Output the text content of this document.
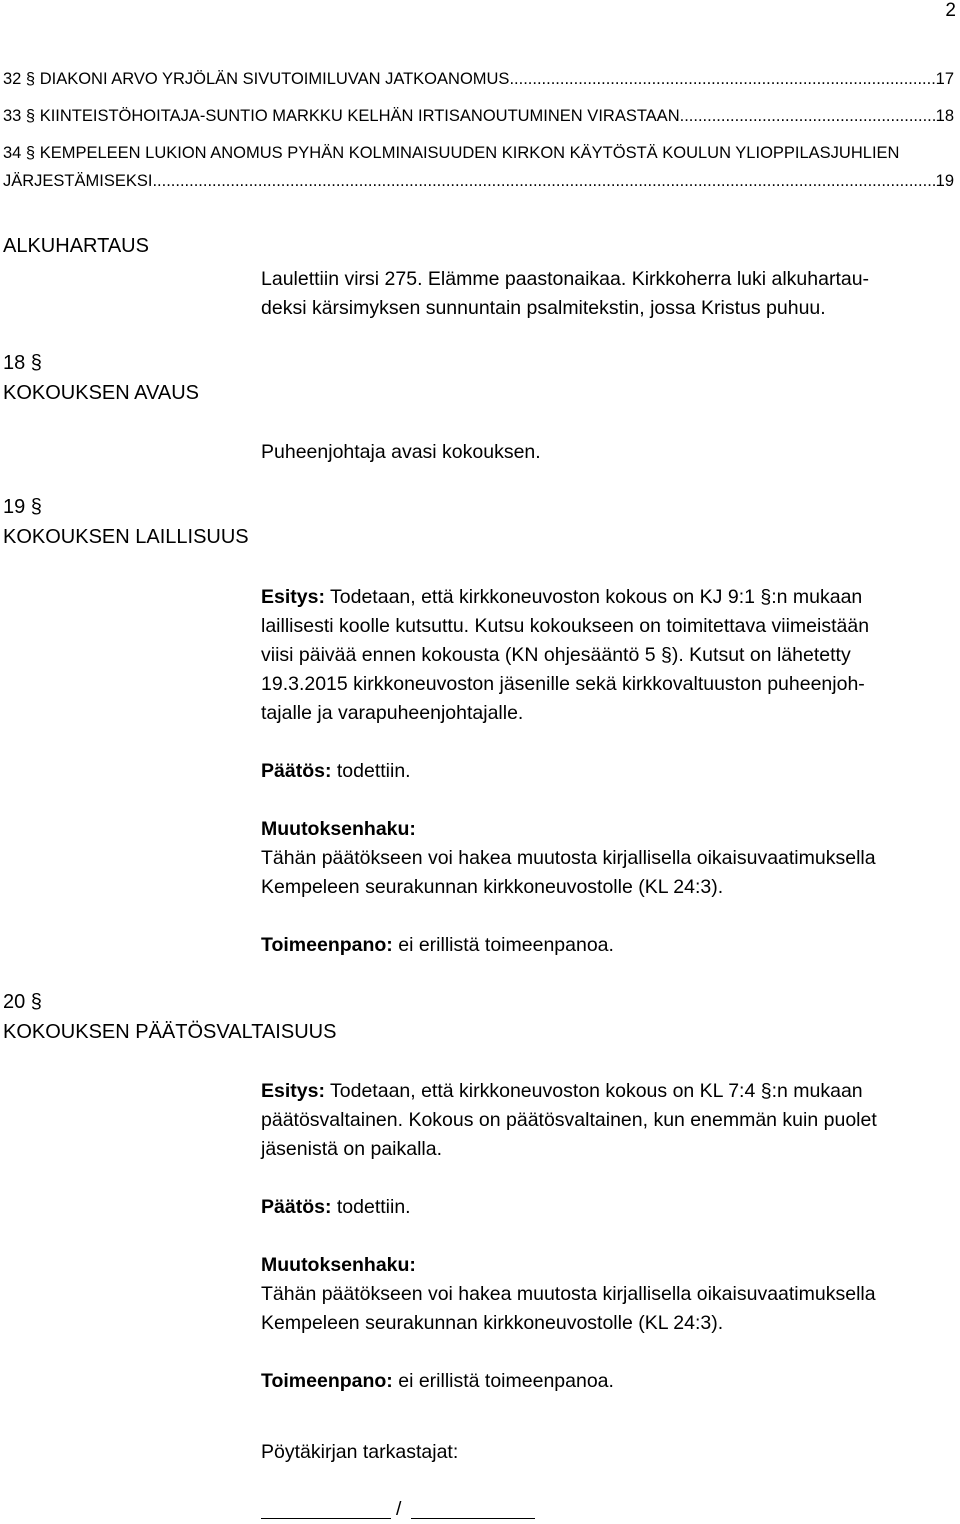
2
32 § DIAKONI ARVO YRJÖLÄN SIVUTOIMILUVAN JATKOANOMUS .....	17
33 § KIINTEISTÖHOITAJA-SUNTIO MARKKU KELHÄN IRTISANOUTUMINEN VIRASTAAN. .....	18
34 § KEMPELEEN LUKION ANOMUS PYHÄN KOLMINAISUUDEN KIRKON KÄYTÖSTÄ KOULUN YLIOPPILASJUHLIEN
JÄRJESTÄMISEKSI .....	19
ALKUHARTAUS
Laulettiin virsi 275. Elämme paastonaikaa. Kirkkoherra luki alkuhartau-
deksi kärsimyksen sunnuntain psalmitekstin, jossa Kristus puhuu.
18 §
KOKOUKSEN AVAUS
Puheenjohtaja avasi kokouksen.
19 §
KOKOUKSEN LAILLISUUS
Esitys: Todetaan, että kirkkoneuvoston kokous on KJ 9:1 §:n mukaan
laillisesti koolle kutsuttu. Kutsu kokoukseen on toimitettava viimeistään
viisi päivää ennen kokousta (KN ohjesääntö 5 §). Kutsut on lähetetty
19.3.2015 kirkkoneuvoston jäsenille sekä kirkkovaltuuston puheenjoh-
tajalle ja varapuheenjohtajalle.
Päätös: todettiin.
Muutoksenhaku:
Tähän päätökseen voi hakea muutosta kirjallisella oikaisuvaatimuksella
Kempeleen seurakunnan kirkkoneuvostolle (KL 24:3).
Toimeenpano: ei erillistä toimeenpanoa.
20 §
KOKOUKSEN PÄÄTÖSVALTAISUUS
Esitys: Todetaan, että kirkkoneuvoston kokous on KL 7:4 §:n mukaan
päätösvaltainen. Kokous on päätösvaltainen, kun enemmän kuin puolet
jäsenistä on paikalla.
Päätös: todettiin.
Muutoksenhaku:
Tähän päätökseen voi hakea muutosta kirjallisella oikaisuvaatimuksella
Kempeleen seurakunnan kirkkoneuvostolle (KL 24:3).
Toimeenpano: ei erillistä toimeenpanoa.
Pöytäkirjan tarkastajat:
/
